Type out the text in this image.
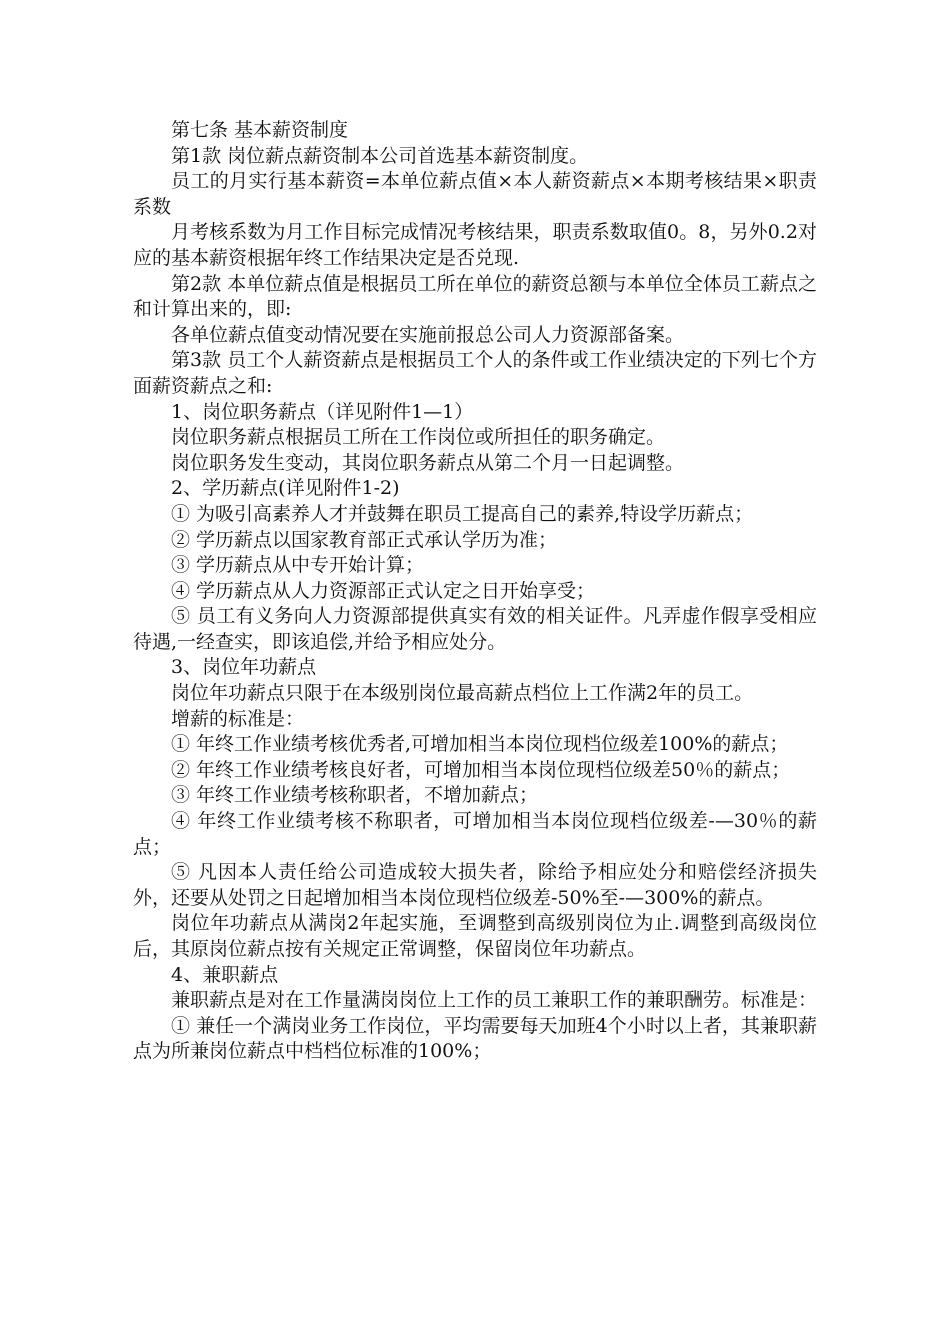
第七条 基本薪资制度

第1款 岗位薪点薪资制本公司首选基本薪资制度。

员工的月实行基本薪资=本单位薪点值×本人薪资薪点×本期考核结果×职责系数

月考核系数为月工作目标完成情况考核结果，职责系数取值0。8，另外0.2对应的基本薪资根据年终工作结果决定是否兑现.

第2款 本单位薪点值是根据员工所在单位的薪资总额与本单位全体员工薪点之和计算出来的，即:

各单位薪点值变动情况要在实施前报总公司人力资源部备案。

第3款 员工个人薪资薪点是根据员工个人的条件或工作业绩决定的下列七个方面薪资薪点之和:

1、岗位职务薪点（详见附件1—1）

岗位职务薪点根据员工所在工作岗位或所担任的职务确定。

岗位职务发生变动，其岗位职务薪点从第二个月一日起调整。

2、学历薪点(详见附件1-2)

① 为吸引高素养人才并鼓舞在职员工提高自己的素养,特设学历薪点；

② 学历薪点以国家教育部正式承认学历为准；

③ 学历薪点从中专开始计算；

④ 学历薪点从人力资源部正式认定之日开始享受；

⑤ 员工有义务向人力资源部提供真实有效的相关证件。凡弄虚作假享受相应待遇,一经查实，即该追偿,并给予相应处分。

3、岗位年功薪点

岗位年功薪点只限于在本级别岗位最高薪点档位上工作满2年的员工。

增薪的标准是：

① 年终工作业绩考核优秀者,可增加相当本岗位现档位级差100%的薪点；

② 年终工作业绩考核良好者，可增加相当本岗位现档位级差50％的薪点；

③ 年终工作业绩考核称职者，不增加薪点；

④ 年终工作业绩考核不称职者，可增加相当本岗位现档位级差-—30％的薪点；

⑤ 凡因本人责任给公司造成较大损失者，除给予相应处分和赔偿经济损失外，还要从处罚之日起增加相当本岗位现档位级差-50%至-—300%的薪点。

岗位年功薪点从满岗2年起实施，至调整到高级别岗位为止.调整到高级岗位后，其原岗位薪点按有关规定正常调整，保留岗位年功薪点。

4、兼职薪点

兼职薪点是对在工作量满岗岗位上工作的员工兼职工作的兼职酬劳。标准是：

① 兼任一个满岗业务工作岗位，平均需要每天加班4个小时以上者，其兼职薪点为所兼岗位薪点中档档位标准的100%；
